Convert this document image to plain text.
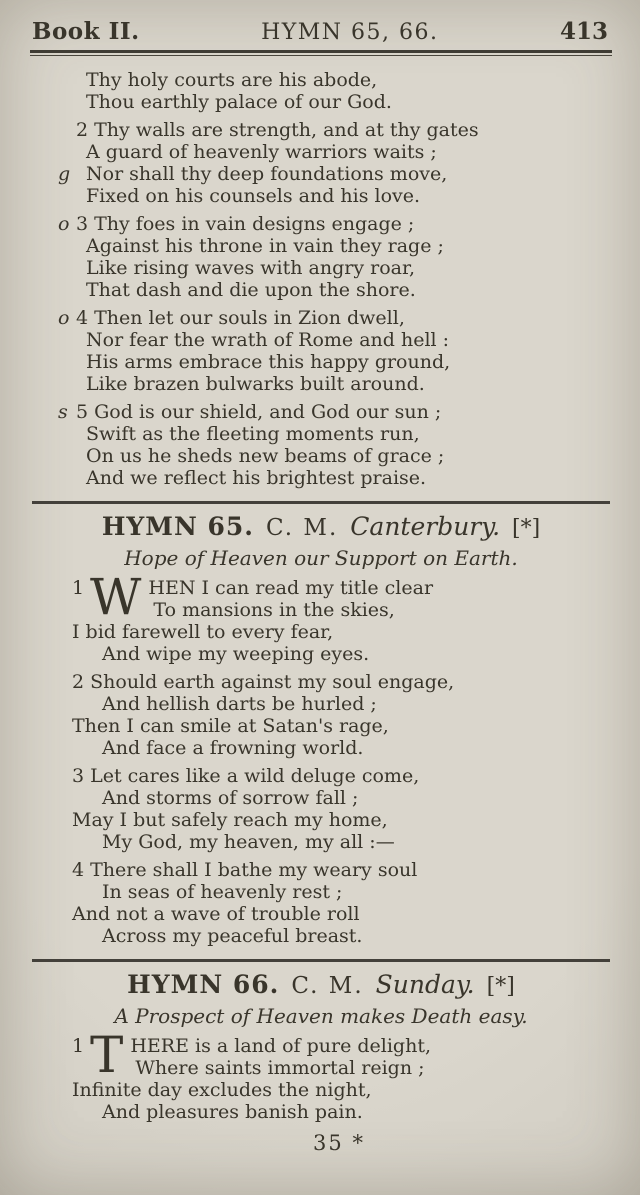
Book II.	HYMN 65, 66.	413
Thy holy courts are his abode,
Thou earthly palace of our God.
2 Thy walls are strength, and at thy gates
A guard of heavenly warriors waits ;
g Nor shall thy deep foundations move,
Fixed on his counsels and his love.
o 3 Thy foes in vain designs engage ;
Against his throne in vain they rage ;
Like rising waves with angry roar,
That dash and die upon the shore.
o 4 Then let our souls in Zion dwell,
Nor fear the wrath of Rome and hell :
His arms embrace this happy ground,
Like brazen bulwarks built around.
s 5 God is our shield, and God our sun ;
Swift as the fleeting moments run,
On us he sheds new beams of grace ;
And we reflect his brightest praise.
HYMN 65. C. M. Canterbury. [*]
Hope of Heaven our Support on Earth.
1 W HEN I can read my title clear
To mansions in the skies,
I bid farewell to every fear,
And wipe my weeping eyes.
2 Should earth against my soul engage,
And hellish darts be hurled ;
Then I can smile at Satan's rage,
And face a frowning world.
3 Let cares like a wild deluge come,
And storms of sorrow fall ;
May I but safely reach my home,
My God, my heaven, my all :—
4 There shall I bathe my weary soul
In seas of heavenly rest ;
And not a wave of trouble roll
Across my peaceful breast.
HYMN 66. C. M. Sunday. [*]
A Prospect of Heaven makes Death easy.
1 T HERE is a land of pure delight,
Where saints immortal reign ;
Infinite day excludes the night,
And pleasures banish pain.
35 *
